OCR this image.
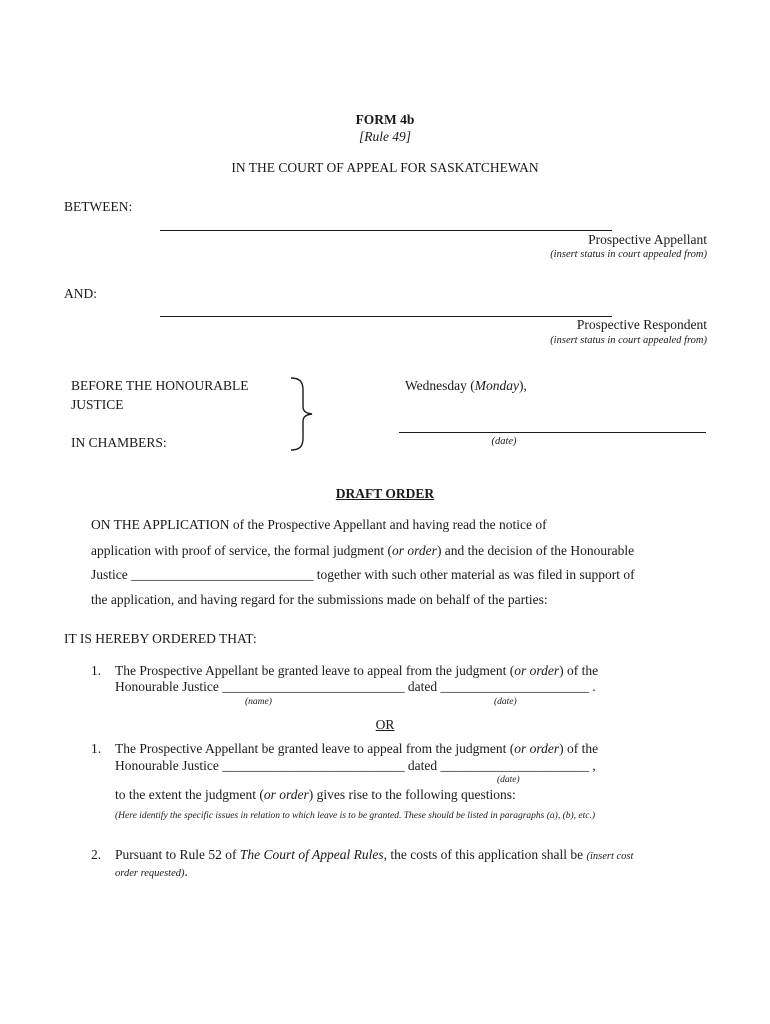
FORM 4b
[Rule 49]
IN THE COURT OF APPEAL FOR SASKATCHEWAN
BETWEEN:
Prospective Appellant
(insert status in court appealed from)
AND:
Prospective Respondent
(insert status in court appealed from)
BEFORE THE HONOURABLE
JUSTICE
IN CHAMBERS:
Wednesday (Monday),
(date)
DRAFT ORDER
ON THE APPLICATION of the Prospective Appellant and having read the notice of
application with proof of service, the formal judgment (or order) and the decision of the Honourable
Justice ___________________________ together with such other material as was filed in support of
the application, and having regard for the submissions made on behalf of the parties:
IT IS HEREBY ORDERED THAT:
1. The Prospective Appellant be granted leave to appeal from the judgment (or order) of the
Honourable Justice ___________________________ dated ______________________ .
(name)	(date)
OR
1. The Prospective Appellant be granted leave to appeal from the judgment (or order) of the
Honourable Justice ___________________________ dated ______________________ ,
(date)
to the extent the judgment (or order) gives rise to the following questions:
(Here identify the specific issues in relation to which leave is to be granted. These should be listed in paragraphs (a), (b), etc.)
2. Pursuant to Rule 52 of The Court of Appeal Rules, the costs of this application shall be (insert cost
order requested).
